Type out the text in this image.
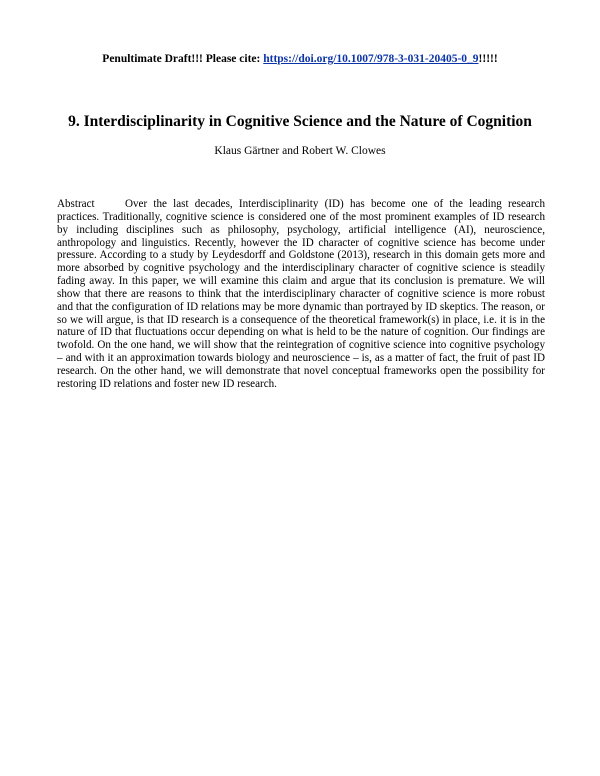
Penultimate Draft!!! Please cite: https://doi.org/10.1007/978-3-031-20405-0_9!!!!!
9. Interdisciplinarity in Cognitive Science and the Nature of Cognition
Klaus Gärtner and Robert W. Clowes
Abstract	Over the last decades, Interdisciplinarity (ID) has become one of the leading research practices. Traditionally, cognitive science is considered one of the most prominent examples of ID research by including disciplines such as philosophy, psychology, artificial intelligence (AI), neuroscience, anthropology and linguistics. Recently, however the ID character of cognitive science has become under pressure. According to a study by Leydesdorff and Goldstone (2013), research in this domain gets more and more absorbed by cognitive psychology and the interdisciplinary character of cognitive science is steadily fading away. In this paper, we will examine this claim and argue that its conclusion is premature. We will show that there are reasons to think that the interdisciplinary character of cognitive science is more robust and that the configuration of ID relations may be more dynamic than portrayed by ID skeptics. The reason, or so we will argue, is that ID research is a consequence of the theoretical framework(s) in place, i.e. it is in the nature of ID that fluctuations occur depending on what is held to be the nature of cognition. Our findings are twofold. On the one hand, we will show that the reintegration of cognitive science into cognitive psychology – and with it an approximation towards biology and neuroscience – is, as a matter of fact, the fruit of past ID research. On the other hand, we will demonstrate that novel conceptual frameworks open the possibility for restoring ID relations and foster new ID research.
